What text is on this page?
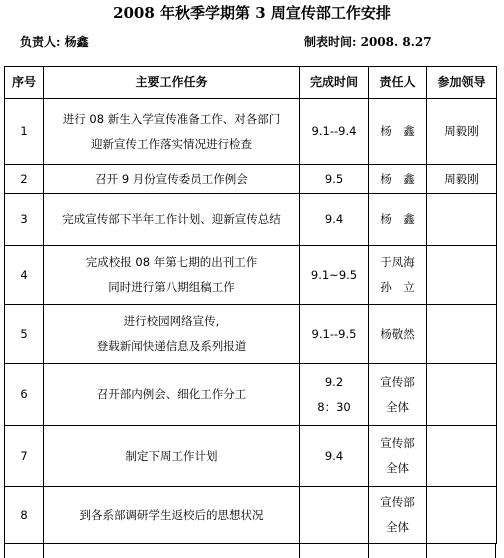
2008 年秋季学期第 3 周宣传部工作安排
负责人: 杨鑫	制表时间: 2008. 8.27
序号	主要工作任务	完成时间	责任人	参加领导
1	进行 08 新生入学宣传准备工作、对各部门
迎新宣传工作落实情况进行检查	9.1--9.4	杨　鑫	周毅刚
2	召开 9 月份宣传委员工作例会	9.5	杨　鑫	周毅刚
3	完成宣传部下半年工作计划、迎新宣传总结	9.4	杨　鑫	

4	完成校报 08 年第七期的出刊工作
同时进行第八期组稿工作	9.1~9.5	于凤海
孙　立	

5	进行校园网络宣传,
登载新闻快递信息及系列报道	9.1--9.5	杨敬然	

6	召开部内例会、细化工作分工	9.2
8：30	宣传部
全体	

7	制定下周工作计划	9.4	宣传部
全体	

8	到各系部调研学生返校后的思想状况		宣传部
全体	
